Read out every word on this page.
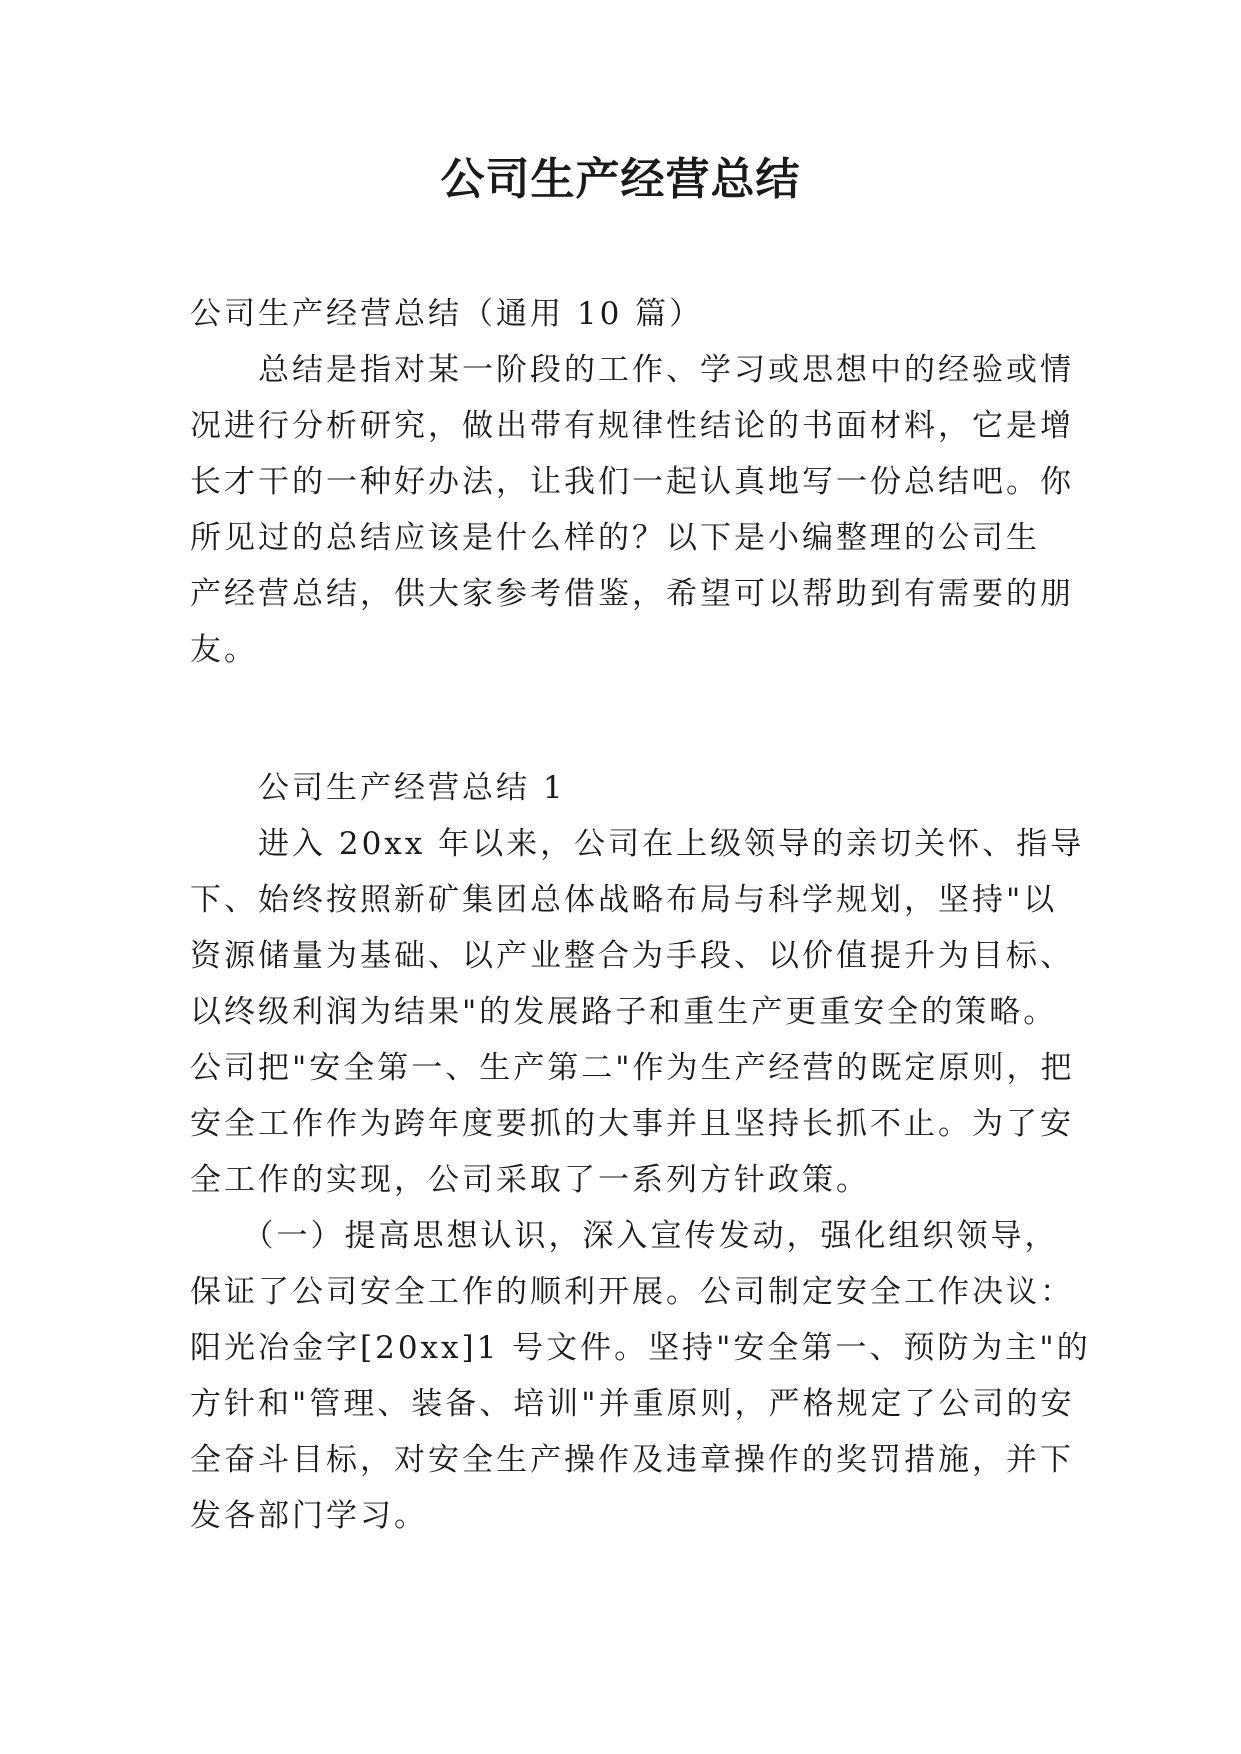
公司生产经营总结

公司生产经营总结（通用 10 篇）

　　总结是指对某一阶段的工作、学习或思想中的经验或情

况进行分析研究，做出带有规律性结论的书面材料，它是增

长才干的一种好办法，让我们一起认真地写一份总结吧。你

所见过的总结应该是什么样的？以下是小编整理的公司生

产经营总结，供大家参考借鉴，希望可以帮助到有需要的朋

友。

　　公司生产经营总结 1

　　进入 20xx 年以来，公司在上级领导的亲切关怀、指导

下、始终按照新矿集团总体战略布局与科学规划，坚持"以

资源储量为基础、以产业整合为手段、以价值提升为目标、

以终级利润为结果"的发展路子和重生产更重安全的策略。

公司把"安全第一、生产第二"作为生产经营的既定原则，把

安全工作作为跨年度要抓的大事并且坚持长抓不止。为了安

全工作的实现，公司采取了一系列方针政策。

　　（一）提高思想认识，深入宣传发动，强化组织领导，

保证了公司安全工作的顺利开展。公司制定安全工作决议：

阳光冶金字[20xx]1 号文件。坚持"安全第一、预防为主"的

方针和"管理、装备、培训"并重原则，严格规定了公司的安

全奋斗目标，对安全生产操作及违章操作的奖罚措施，并下

发各部门学习。
